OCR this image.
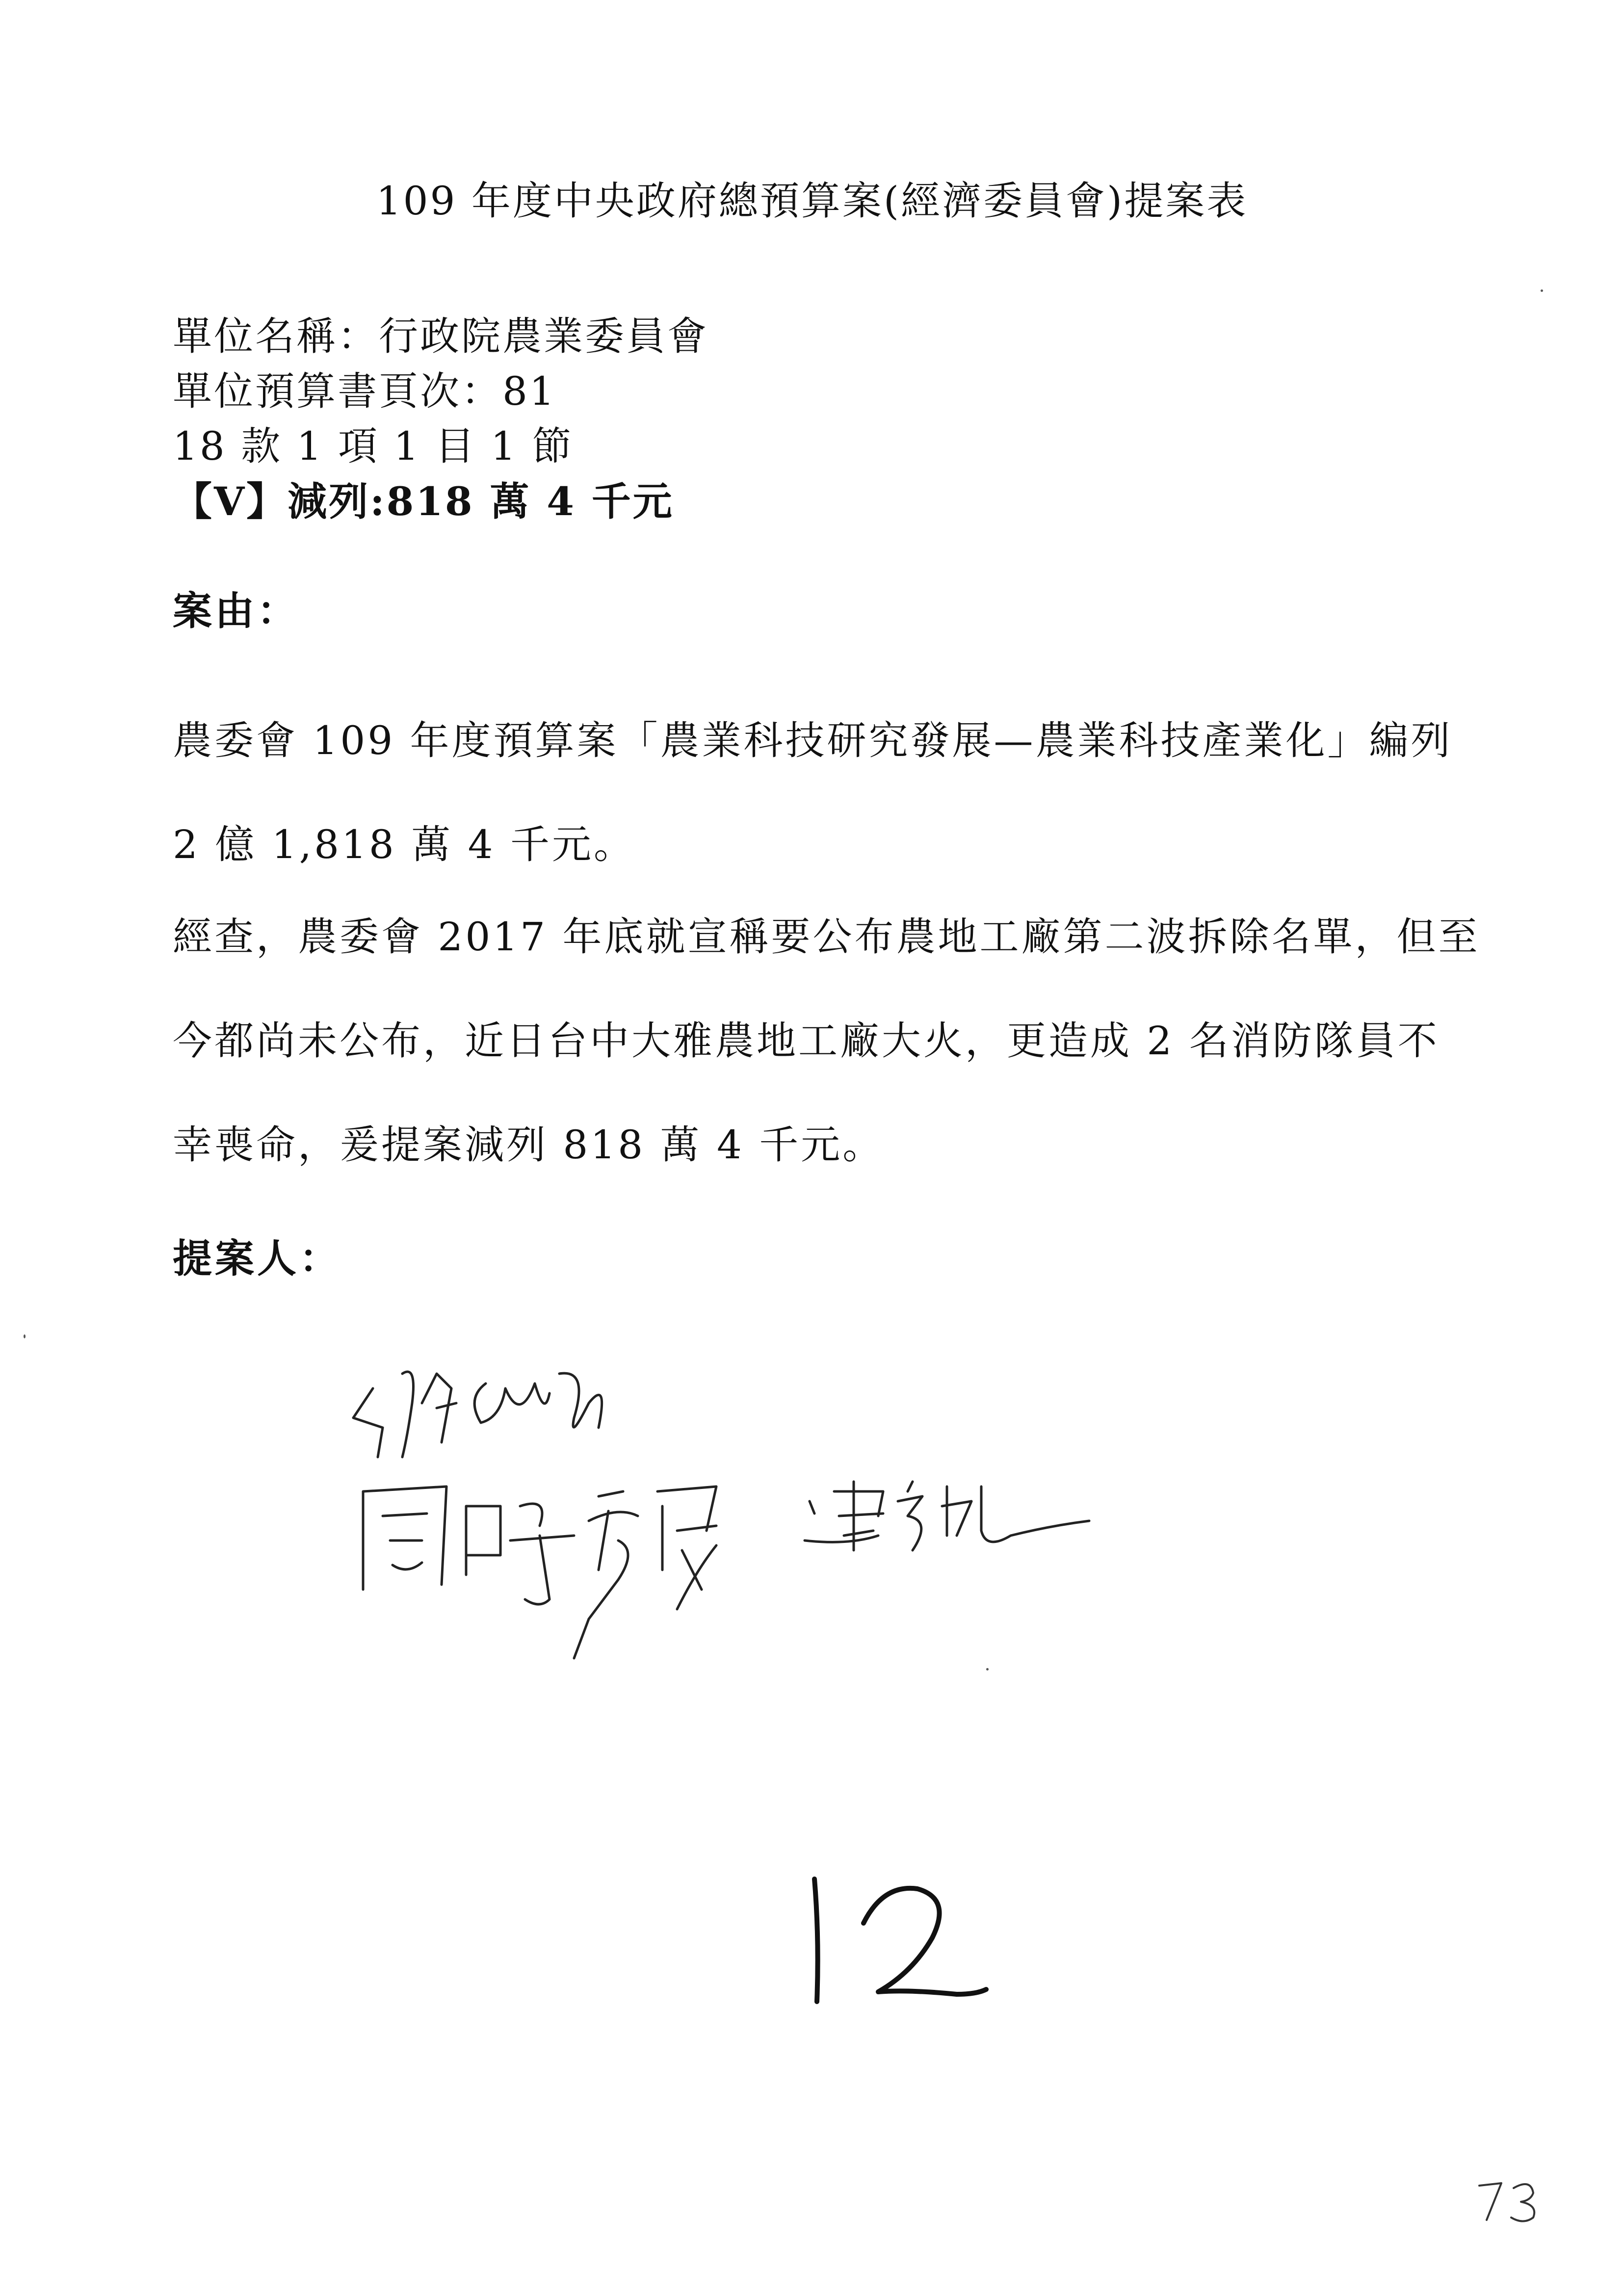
109 年度中央政府總預算案(經濟委員會)提案表
單位名稱：行政院農業委員會
單位預算書頁次：81
18 款 1 項 1 目 1 節
【V】減列:818 萬 4 千元
案由：
農委會 109 年度預算案「農業科技研究發展—農業科技產業化」編列
2 億 1,818 萬 4 千元。
經查，農委會 2017 年底就宣稱要公布農地工廠第二波拆除名單，但至
今都尚未公布，近日台中大雅農地工廠大火，更造成 2 名消防隊員不
幸喪命，爰提案減列 818 萬 4 千元。
提案人：
